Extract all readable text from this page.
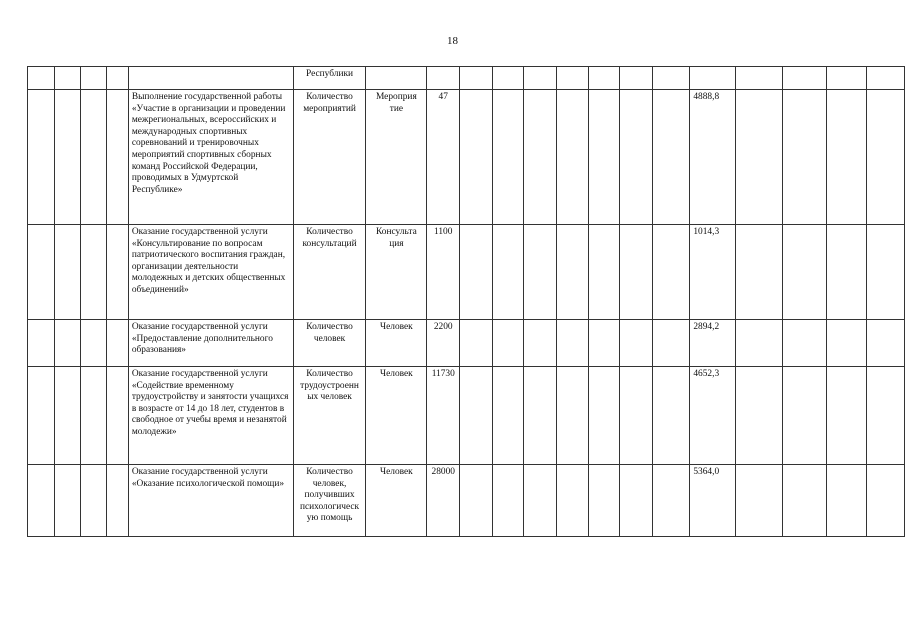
18
					Республики														
				Выполнение государственной работы «Участие в организации и проведении межрегиональных, всероссийских и международных спортивных соревнований и тренировочных мероприятий спортивных сборных команд Российской Федерации, проводимых в Удмуртской Республике»	Количество мероприятий	Мероприя тие	47								4888,8				
				Оказание государственной услуги «Консультирование по вопросам патриотического воспитания граждан, организации деятельности молодежных и детских общественных объединений»	Количество консультаций	Консульта ция	1100								1014,3				
				Оказание государственной услуги «Предоставление дополнительного образования»	Количество человек	Человек	2200								2894,2				
				Оказание государственной услуги «Содействие временному трудоустройству и занятости учащихся в возрасте от 14 до 18 лет, студентов в свободное от учебы время и незанятой молодежи»	Количество трудоустроенн ых человек	Человек	11730								4652,3				
				Оказание государственной услуги «Оказание психологической помощи»	Количество человек, получивших психологическ ую помощь	Человек	28000								5364,0				
